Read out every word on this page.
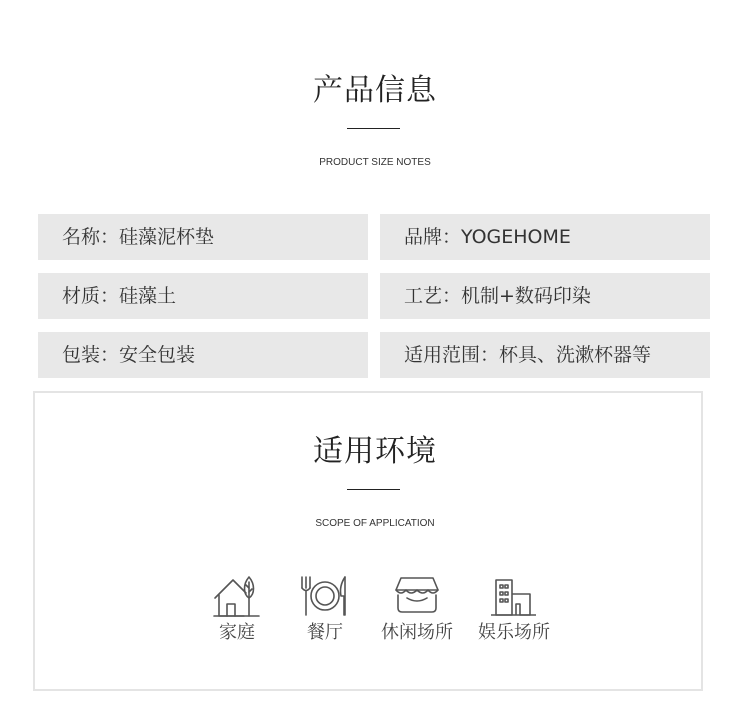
产品信息
PRODUCT SIZE NOTES
名称：硅藻泥杯垫	品牌：YOGEHOME
材质：硅藻土	工艺：机制+数码印染
包装：安全包装	适用范围：杯具、洗漱杯器等
适用环境
SCOPE OF APPLICATION
家庭	餐厅	休闲场所	娱乐场所
